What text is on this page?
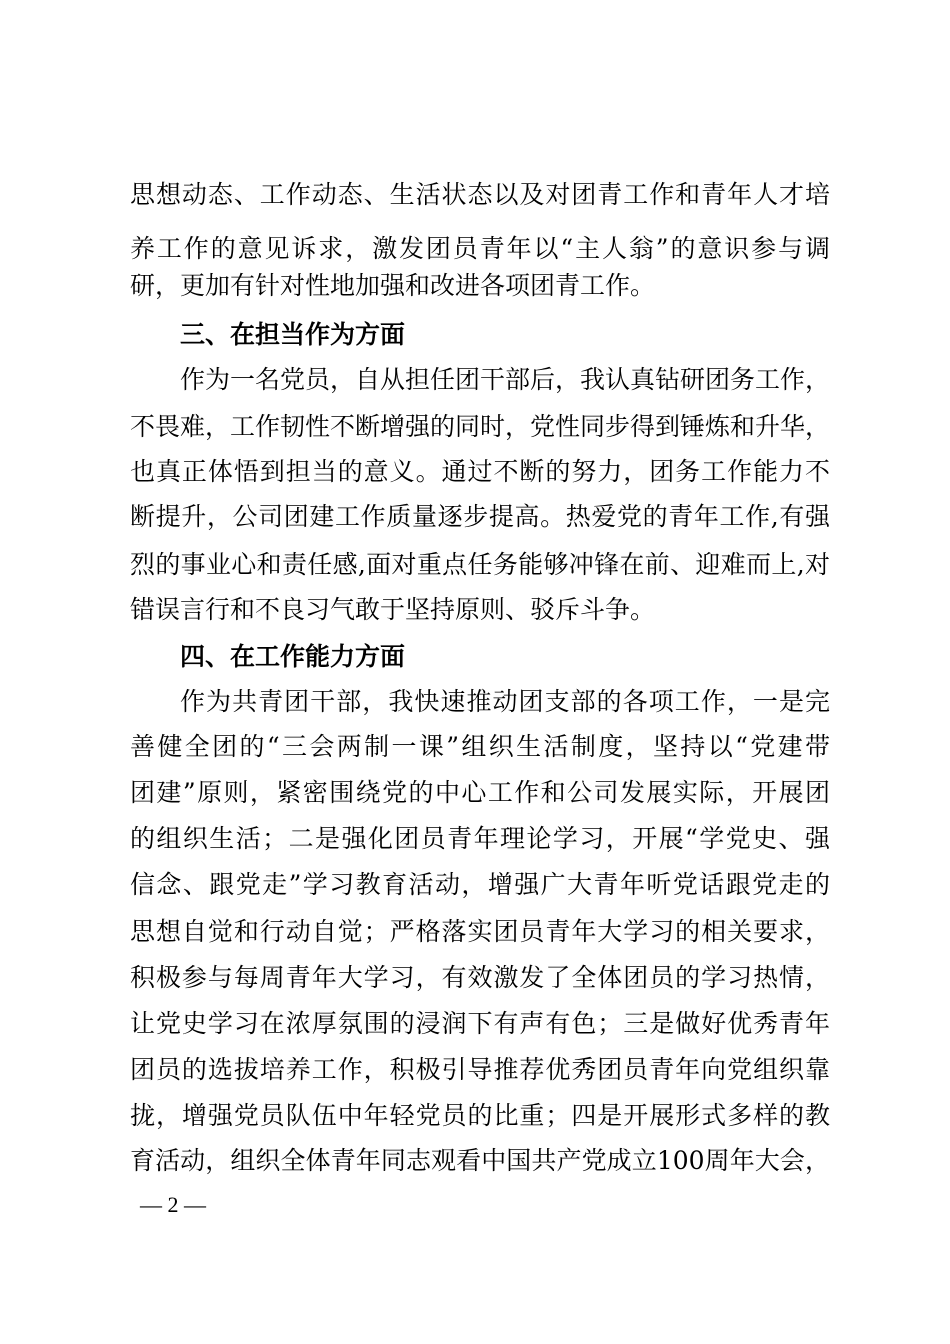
思想动态、工作动态、生活状态以及对团青工作和青年人才培
养工作的意见诉求，激发团员青年以“主人翁”的意识参与调
研，更加有针对性地加强和改进各项团青工作。
三、在担当作为方面
作为一名党员，自从担任团干部后，我认真钻研团务工作，
不畏难，工作韧性不断增强的同时，党性同步得到锤炼和升华，
也真正体悟到担当的意义。通过不断的努力，团务工作能力不
断提升，公司团建工作质量逐步提高。热爱党的青年工作,有强
烈的事业心和责任感,面对重点任务能够冲锋在前、迎难而上,对
错误言行和不良习气敢于坚持原则、驳斥斗争。
四、在工作能力方面
作为共青团干部，我快速推动团支部的各项工作，一是完
善健全团的“三会两制一课”组织生活制度，坚持以“党建带
团建”原则，紧密围绕党的中心工作和公司发展实际，开展团
的组织生活；二是强化团员青年理论学习，开展“学党史、强
信念、跟党走”学习教育活动，增强广大青年听党话跟党走的
思想自觉和行动自觉；严格落实团员青年大学习的相关要求，
积极参与每周青年大学习，有效激发了全体团员的学习热情，
让党史学习在浓厚氛围的浸润下有声有色；三是做好优秀青年
团员的选拔培养工作，积极引导推荐优秀团员青年向党组织靠
拢，增强党员队伍中年轻党员的比重；四是开展形式多样的教
育活动，组织全体青年同志观看中国共产党成立100周年大会，
— 2 —
